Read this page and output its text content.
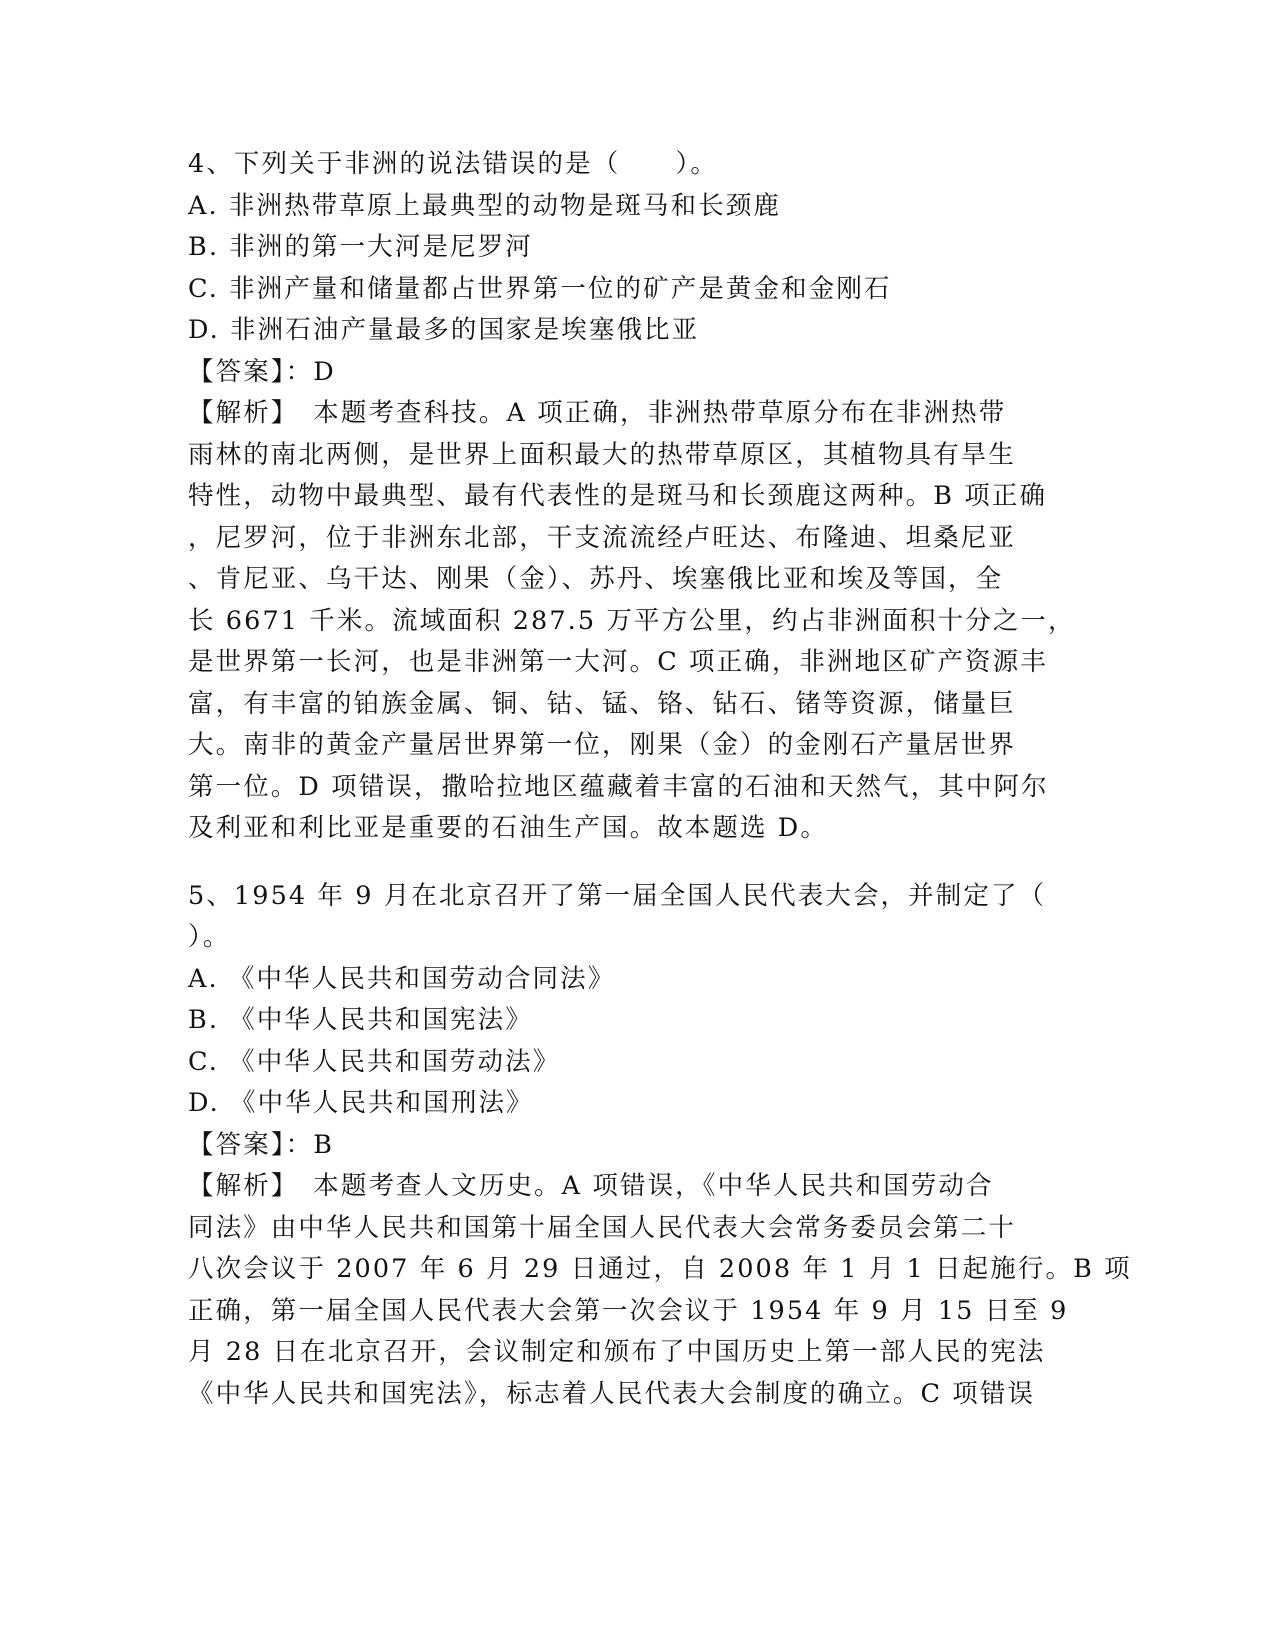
4、下列关于非洲的说法错误的是（　　）。
A. 非洲热带草原上最典型的动物是斑马和长颈鹿
B. 非洲的第一大河是尼罗河
C. 非洲产量和储量都占世界第一位的矿产是黄金和金刚石
D. 非洲石油产量最多的国家是埃塞俄比亚
【答案】：D
【解析】　本题考查科技。A 项正确，非洲热带草原分布在非洲热带
雨林的南北两侧，是世界上面积最大的热带草原区，其植物具有旱生
特性，动物中最典型、最有代表性的是斑马和长颈鹿这两种。B 项正确
，尼罗河，位于非洲东北部，干支流流经卢旺达、布隆迪、坦桑尼亚
、肯尼亚、乌干达、刚果（金）、苏丹、埃塞俄比亚和埃及等国，全
长 6671 千米。流域面积 287.5 万平方公里，约占非洲面积十分之一，
是世界第一长河，也是非洲第一大河。C 项正确，非洲地区矿产资源丰
富，有丰富的铂族金属、铜、钴、锰、铬、钻石、锗等资源，储量巨
大。南非的黄金产量居世界第一位，刚果（金）的金刚石产量居世界
第一位。D 项错误，撒哈拉地区蕴藏着丰富的石油和天然气，其中阿尔
及利亚和利比亚是重要的石油生产国。故本题选 D。
5、1954 年 9 月在北京召开了第一届全国人民代表大会，并制定了（
）。
A. 《中华人民共和国劳动合同法》
B. 《中华人民共和国宪法》
C. 《中华人民共和国劳动法》
D. 《中华人民共和国刑法》
【答案】：B
【解析】　本题考查人文历史。A 项错误，《中华人民共和国劳动合
同法》由中华人民共和国第十届全国人民代表大会常务委员会第二十
八次会议于 2007 年 6 月 29 日通过，自 2008 年 1 月 1 日起施行。B 项
正确，第一届全国人民代表大会第一次会议于 1954 年 9 月 15 日至 9
月 28 日在北京召开，会议制定和颁布了中国历史上第一部人民的宪法
《中华人民共和国宪法》，标志着人民代表大会制度的确立。C 项错误
